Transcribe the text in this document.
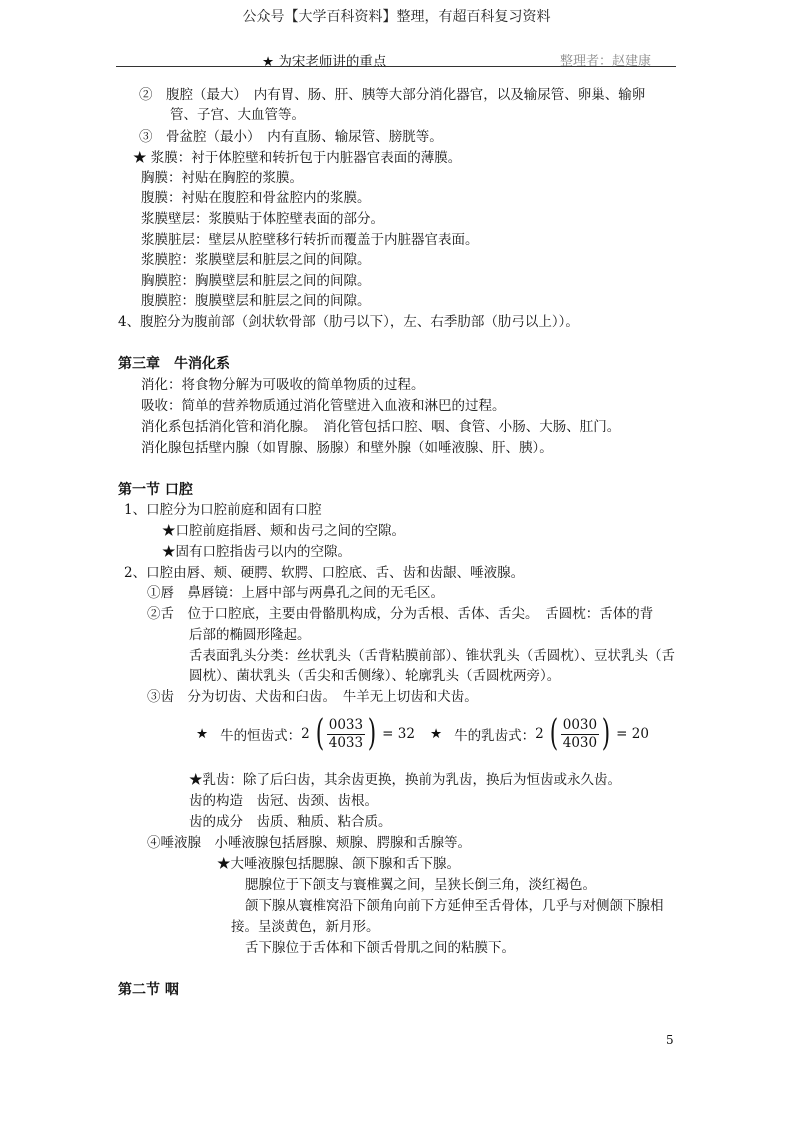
公众号【大学百科资料】整理，有超百科复习资料
★ 为宋老师讲的重点	整理者：赵建康
②　腹腔（最大）　内有胃、肠、肝、胰等大部分消化器官，以及输尿管、卵巢、输卵
管、子宫、大血管等。
③　骨盆腔（最小）　内有直肠、输尿管、膀胱等。
★ 浆膜：衬于体腔壁和转折包于内脏器官表面的薄膜。
胸膜：衬贴在胸腔的浆膜。
腹膜：衬贴在腹腔和骨盆腔内的浆膜。
浆膜壁层：浆膜贴于体腔壁表面的部分。
浆膜脏层：壁层从腔壁移行转折而覆盖于内脏器官表面。
浆膜腔：浆膜壁层和脏层之间的间隙。
胸膜腔：胸膜壁层和脏层之间的间隙。
腹膜腔：腹膜壁层和脏层之间的间隙。
4、腹腔分为腹前部（剑状软骨部（肋弓以下），左、右季肋部（肋弓以上））。
第三章　牛消化系
消化：将食物分解为可吸收的简单物质的过程。
吸收：简单的营养物质通过消化管壁进入血液和淋巴的过程。
消化系包括消化管和消化腺。　消化管包括口腔、咽、食管、小肠、大肠、肛门。
消化腺包括壁内腺（如胃腺、肠腺）和壁外腺（如唾液腺、肝、胰）。
第一节 口腔
1、口腔分为口腔前庭和固有口腔
★口腔前庭指唇、颊和齿弓之间的空隙。
★固有口腔指齿弓以内的空隙。
2、口腔由唇、颊、硬腭、软腭、口腔底、舌、齿和齿龈、唾液腺。
①唇　鼻唇镜：上唇中部与两鼻孔之间的无毛区。
②舌　位于口腔底，主要由骨骼肌构成，分为舌根、舌体、舌尖。　舌圆枕：舌体的背
后部的椭圆形隆起。
舌表面乳头分类：丝状乳头（舌背粘膜前部）、锥状乳头（舌圆枕）、豆状乳头（舌
圆枕）、菌状乳头（舌尖和舌侧缘）、轮廓乳头（舌圆枕两旁）。
③齿　分为切齿、犬齿和臼齿。　牛羊无上切齿和犬齿。
★ 牛的恒齿式： 2 ( $\frac{0033}{4033}$ ) = 32 ★ 牛的乳齿式： 2 ( $\frac{0030}{4030}$ ) = 20
★乳齿：除了后臼齿，其余齿更换，换前为乳齿，换后为恒齿或永久齿。
齿的构造　齿冠、齿颈、齿根。
齿的成分　齿质、釉质、粘合质。
④唾液腺　小唾液腺包括唇腺、颊腺、腭腺和舌腺等。
★大唾液腺包括腮腺、颌下腺和舌下腺。
腮腺位于下颌支与寰椎翼之间，呈狭长倒三角，淡红褐色。
颌下腺从寰椎窝沿下颌角向前下方延伸至舌骨体，几乎与对侧颌下腺相
接。呈淡黄色，新月形。
舌下腺位于舌体和下颌舌骨肌之间的粘膜下。
第二节 咽
5
